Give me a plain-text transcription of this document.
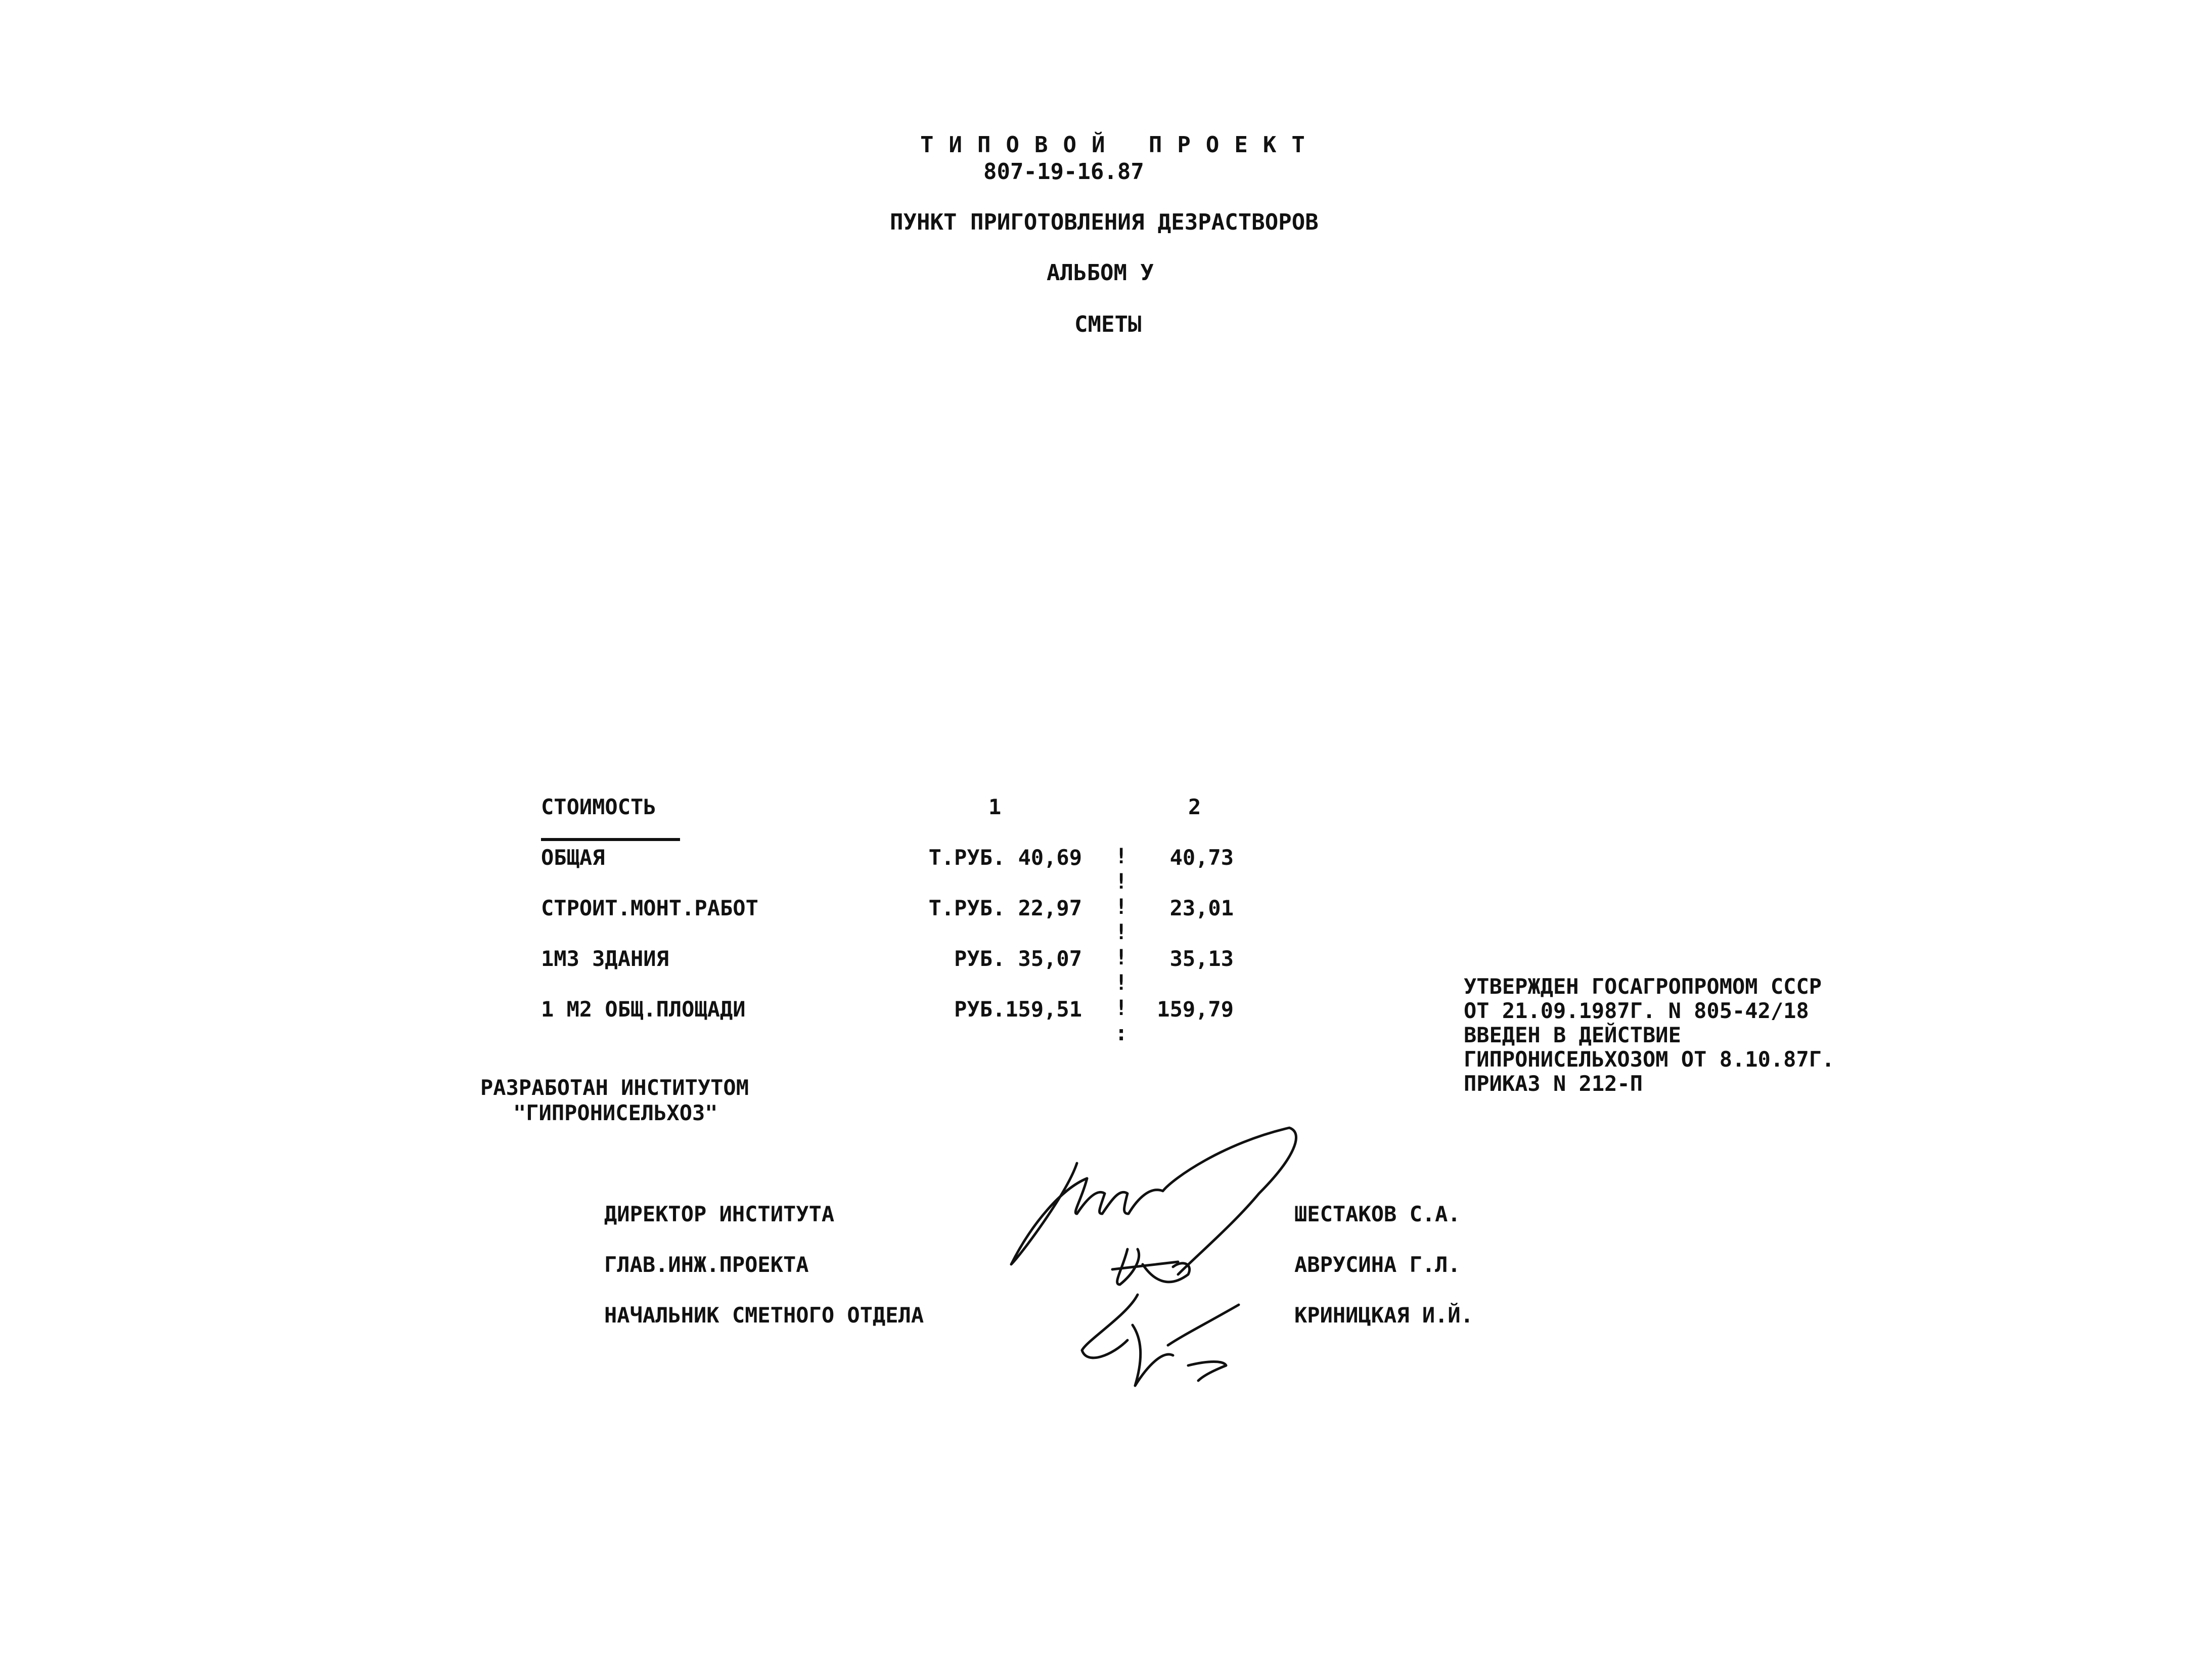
ТИПОВОЙ ПРОЕКТ
807-19-16.87
ПУНКТ ПРИГОТОВЛЕНИЯ ДЕЗРАСТВОРОВ
АЛЬБОМ У
СМЕТЫ
СТОИМОСТЬ	1	2
ОБЩАЯ	Т.РУБ. 40,69	40,73
СТРОИТ.МОНТ.РАБОТ	Т.РУБ. 22,97	23,01
1М3 ЗДАНИЯ	РУБ. 35,07	35,13
1 М2 ОБЩ.ПЛОЩАДИ	РУБ.159,51	159,79
!
!
!
!
!
!
!
:
УТВЕРЖДЕН ГОСАГРОПРОМОМ СССР
ОТ 21.09.1987Г. N 805-42/18
ВВЕДЕН В ДЕЙСТВИЕ
ГИПРОНИСЕЛЬХОЗОМ ОТ 8.10.87Г.
ПРИКАЗ N 212-П
РАЗРАБОТАН ИНСТИТУТОМ
"ГИПРОНИСЕЛЬХОЗ"
ДИРЕКТОР ИНСТИТУТА	ШЕСТАКОВ С.А.
ГЛАВ.ИНЖ.ПРОЕКТА	АВРУСИНА Г.Л.
НАЧАЛЬНИК СМЕТНОГО ОТДЕЛА	КРИНИЦКАЯ И.Й.
